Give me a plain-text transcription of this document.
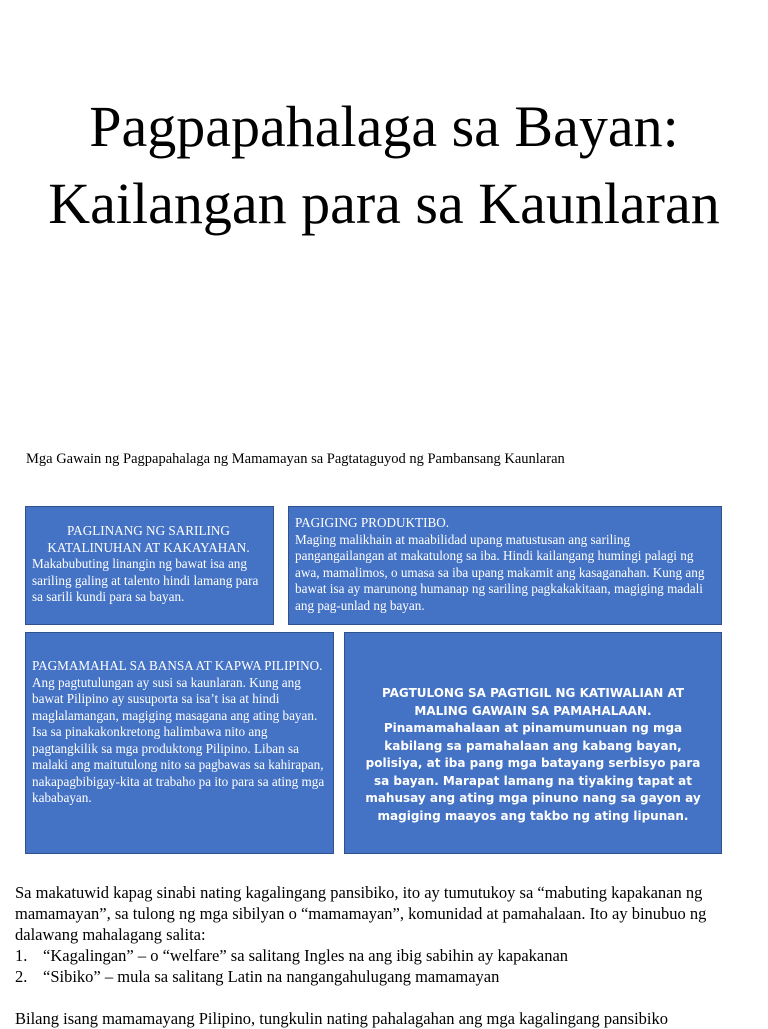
Pagpapahalaga sa Bayan: Kailangan para sa Kaunlaran
Mga Gawain ng Pagpapahalaga ng Mamamayan sa Pagtataguyod ng Pambansang Kaunlaran
PAGLINANG NG SARILING KATALINUHAN AT KAKAYAHAN.
Makabubuting linangin ng bawat isa ang sariling galing at talento hindi lamang para sa sarili kundi para sa bayan.
PAGIGING PRODUKTIBO.
Maging malikhain at maabilidad upang matustusan ang sariling pangangailangan at makatulong sa iba. Hindi kailangang humingi palagi ng awa, mamalimos, o umasa sa iba upang makamit ang kasaganahan. Kung ang bawat isa ay marunong humanap ng sariling pagkakakitaan, magiging madali ang pag-unlad ng bayan.
PAGMAMAHAL SA BANSA AT KAPWA PILIPINO.
Ang pagtutulungan ay susi sa kaunlaran. Kung ang bawat Pilipino ay susuporta sa isa’t isa at hindi maglalamangan, magiging masagana ang ating bayan. Isa sa pinakakonkretong halimbawa nito ang pagtangkilik sa mga produktong Pilipino. Liban sa malaki ang maitutulong nito sa pagbawas sa kahirapan, nakapagbibigay-kita at trabaho pa ito para sa ating mga kababayan.
PAGTULONG SA PAGTIGIL NG KATIWALIAN AT MALING GAWAIN SA PAMAHALAAN.
Pinamamahalaan at pinamumunuan ng mga kabilang sa pamahalaan ang kabang bayan, polisiya, at iba pang mga batayang serbisyo para sa bayan. Marapat lamang na tiyaking tapat at mahusay ang ating mga pinuno nang sa gayon ay magiging maayos ang takbo ng ating lipunan.
Sa makatuwid kapag sinabi nating kagalingang pansibiko, ito ay tumutukoy sa “mabuting kapakanan ng mamamayan”, sa tulong ng mga sibilyan o “mamamayan”, komunidad at pamahalaan. Ito ay binubuo ng dalawang mahalagang salita:
1. “Kagalingan” – o “welfare” sa salitang Ingles na ang ibig sabihin ay kapakanan
2. “Sibiko” – mula sa salitang Latin na nangangahulugang mamamayan
Bilang isang mamamayang Pilipino, tungkulin nating pahalagahan ang mga kagalingang pansibiko
